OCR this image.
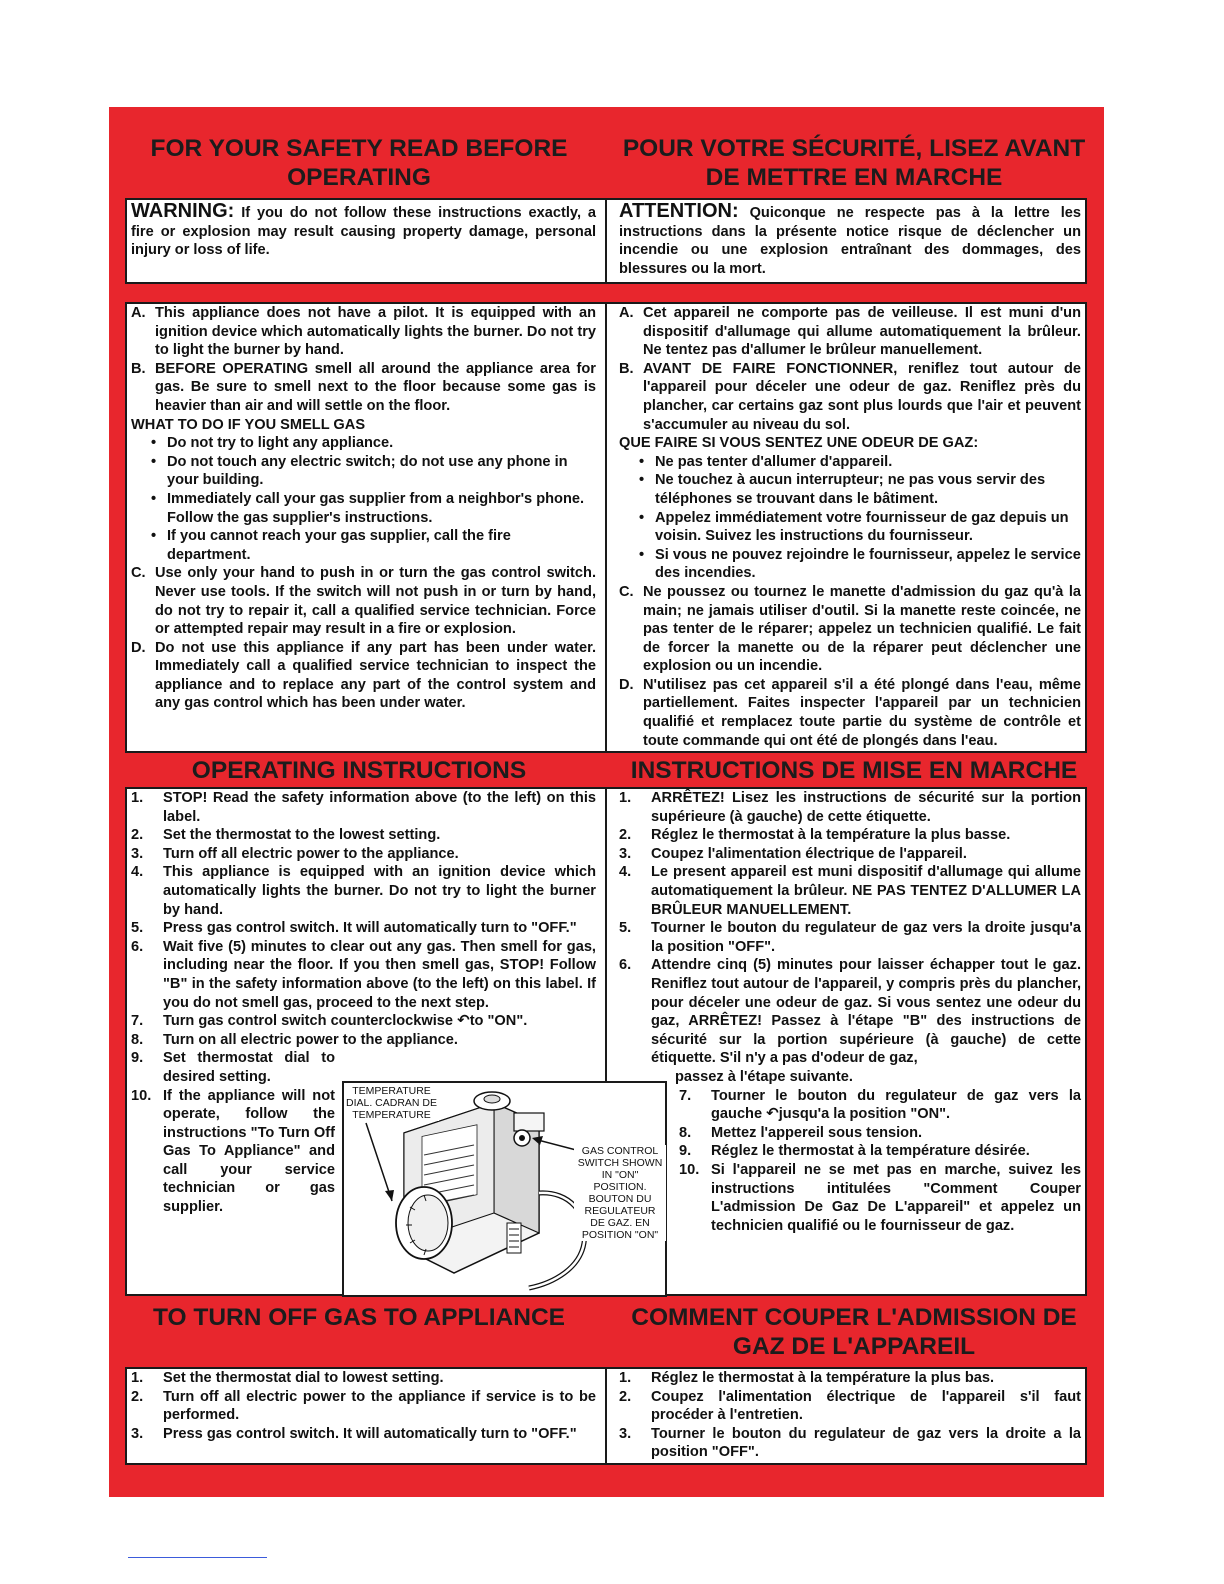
FOR YOUR SAFETY READ BEFORE OPERATING
POUR VOTRE SÉCURITÉ, LISEZ AVANT DE METTRE EN MARCHE
WARNING: If you do not follow these instructions exactly, a fire or explosion may result causing property damage, personal injury or loss of life.
ATTENTION: Quiconque ne respecte pas à la lettre les instructions dans la présente notice risque de déclencher un incendie ou une explosion entraînant des dommages, des blessures ou la mort.
A. This appliance does not have a pilot. It is equipped with an ignition device which automatically lights the burner. Do not try to light the burner by hand.
B. BEFORE OPERATING smell all around the appliance area for gas. Be sure to smell next to the floor because some gas is heavier than air and will settle on the floor.
WHAT TO DO IF YOU SMELL GAS
• Do not try to light any appliance.
• Do not touch any electric switch; do not use any phone in your building.
• Immediately call your gas supplier from a neighbor's phone. Follow the gas supplier's instructions.
• If you cannot reach your gas supplier, call the fire department.
C. Use only your hand to push in or turn the gas control switch. Never use tools. If the switch will not push in or turn by hand, do not try to repair it, call a qualified service technician. Force or attempted repair may result in a fire or explosion.
D. Do not use this appliance if any part has been under water. Immediately call a qualified service technician to inspect the appliance and to replace any part of the control system and any gas control which has been under water.
A. Cet appareil ne comporte pas de veilleuse. Il est muni d'un dispositif d'allumage qui allume automatiquement la brûleur. Ne tentez pas d'allumer le brûleur manuellement.
B. AVANT DE FAIRE FONCTIONNER, reniflez tout autour de l'appareil pour déceler une odeur de gaz. Reniflez près du plancher, car certains gaz sont plus lourds que l'air et peuvent s'accumuler au niveau du sol.
QUE FAIRE SI VOUS SENTEZ UNE ODEUR DE GAZ:
• Ne pas tenter d'allumer d'appareil.
• Ne touchez à aucun interrupteur; ne pas vous servir des téléphones se trouvant dans le bâtiment.
• Appelez immédiatement votre fournisseur de gaz depuis un voisin. Suivez les instructions du fournisseur.
• Si vous ne pouvez rejoindre le fournisseur, appelez le service des incendies.
C. Ne poussez ou tournez le manette d'admission du gaz qu'à la main; ne jamais utiliser d'outil. Si la manette reste coincée, ne pas tenter de le réparer; appelez un technicien qualifié. Le fait de forcer la manette ou de la réparer peut déclencher une explosion ou un incendie.
D. N'utilisez pas cet appareil s'il a été plongé dans l'eau, même partiellement. Faites inspecter l'appareil par un technicien qualifié et remplacez toute partie du système de contrôle et toute commande qui ont été de plongés dans l'eau.
OPERATING INSTRUCTIONS	INSTRUCTIONS DE MISE EN MARCHE
1.	STOP! Read the safety information above (to the left) on this label.
2.	Set the thermostat to the lowest setting.
3.	Turn off all electric power to the appliance.
4.	This appliance is equipped with an ignition device which automatically lights the burner. Do not try to light the burner by hand.
5.	Press gas control switch. It will automatically turn to "OFF."
6.	Wait five (5) minutes to clear out any gas. Then smell for gas, including near the floor. If you then smell gas, STOP! Follow "B" in the safety information above (to the left) on this label. If you do not smell gas, proceed to the next step.
7.	Turn gas control switch counterclockwise ↶to "ON".
8.	Turn on all electric power to the appliance.
9.	Set thermostat dial to desired setting.
10. If the appliance will not operate, follow the instructions "To Turn Off Gas To Appliance" and call your service technician or gas supplier.
1.	ARRÊTEZ! Lisez les instructions de sécurité sur la portion supérieure (à gauche) de cette étiquette.
2.	Réglez le thermostat à la température la plus basse.
3.	Coupez l'alimentation électrique de l'appareil.
4.	Le present appareil est muni dispositif d'allumage qui allume automatiquement la brûleur. NE PAS TENTEZ D'ALLUMER LA BRÛLEUR MANUELLEMENT.
5.	Tourner le bouton du regulateur de gaz vers la droite jusqu'a la position "OFF".
6.	Attendre cinq (5) minutes pour laisser échapper tout le gaz. Reniflez tout autour de l'appareil, y compris près du plancher, pour déceler une odeur de gaz. Si vous sentez une odeur du gaz, ARRÊTEZ! Passez à l'étape "B" des instructions de sécurité sur la portion supérieure (à gauche) de cette étiquette. S'il n'y a pas d'odeur de gaz,
passez à l'étape suivante.
7.	Tourner le bouton du regulateur de gaz vers la gauche ↶jusqu'a la position "ON".
8.	Mettez l'appereil sous tension.
9.	Réglez le thermostat à la température désirée.
10. Si l'appareil ne se met pas en marche, suivez les instructions intitulées "Comment Couper L'admission De Gaz De L'appareil" et appelez un technicien qualifié ou le fournisseur de gaz.
TEMPERATURE
DIAL. CADRAN DE
TEMPERATURE
GAS CONTROL
SWITCH SHOWN
IN "ON"
POSITION.
BOUTON DU
REGULATEUR
DE GAZ. EN
POSITION "ON"
TO TURN OFF GAS TO APPLIANCE	COMMENT COUPER L'ADMISSION DE GAZ DE L'APPAREIL
1.	Set the thermostat dial to lowest setting.
2.	Turn off all electric power to the appliance if service is to be performed.
3.	Press gas control switch. It will automatically turn to "OFF."
1.	Réglez le thermostat à la température la plus bas.
2.	Coupez l'alimentation électrique de l'appareil s'il faut procéder à l'entretien.
3.	Tourner le bouton du regulateur de gaz vers la droite a la position "OFF".
